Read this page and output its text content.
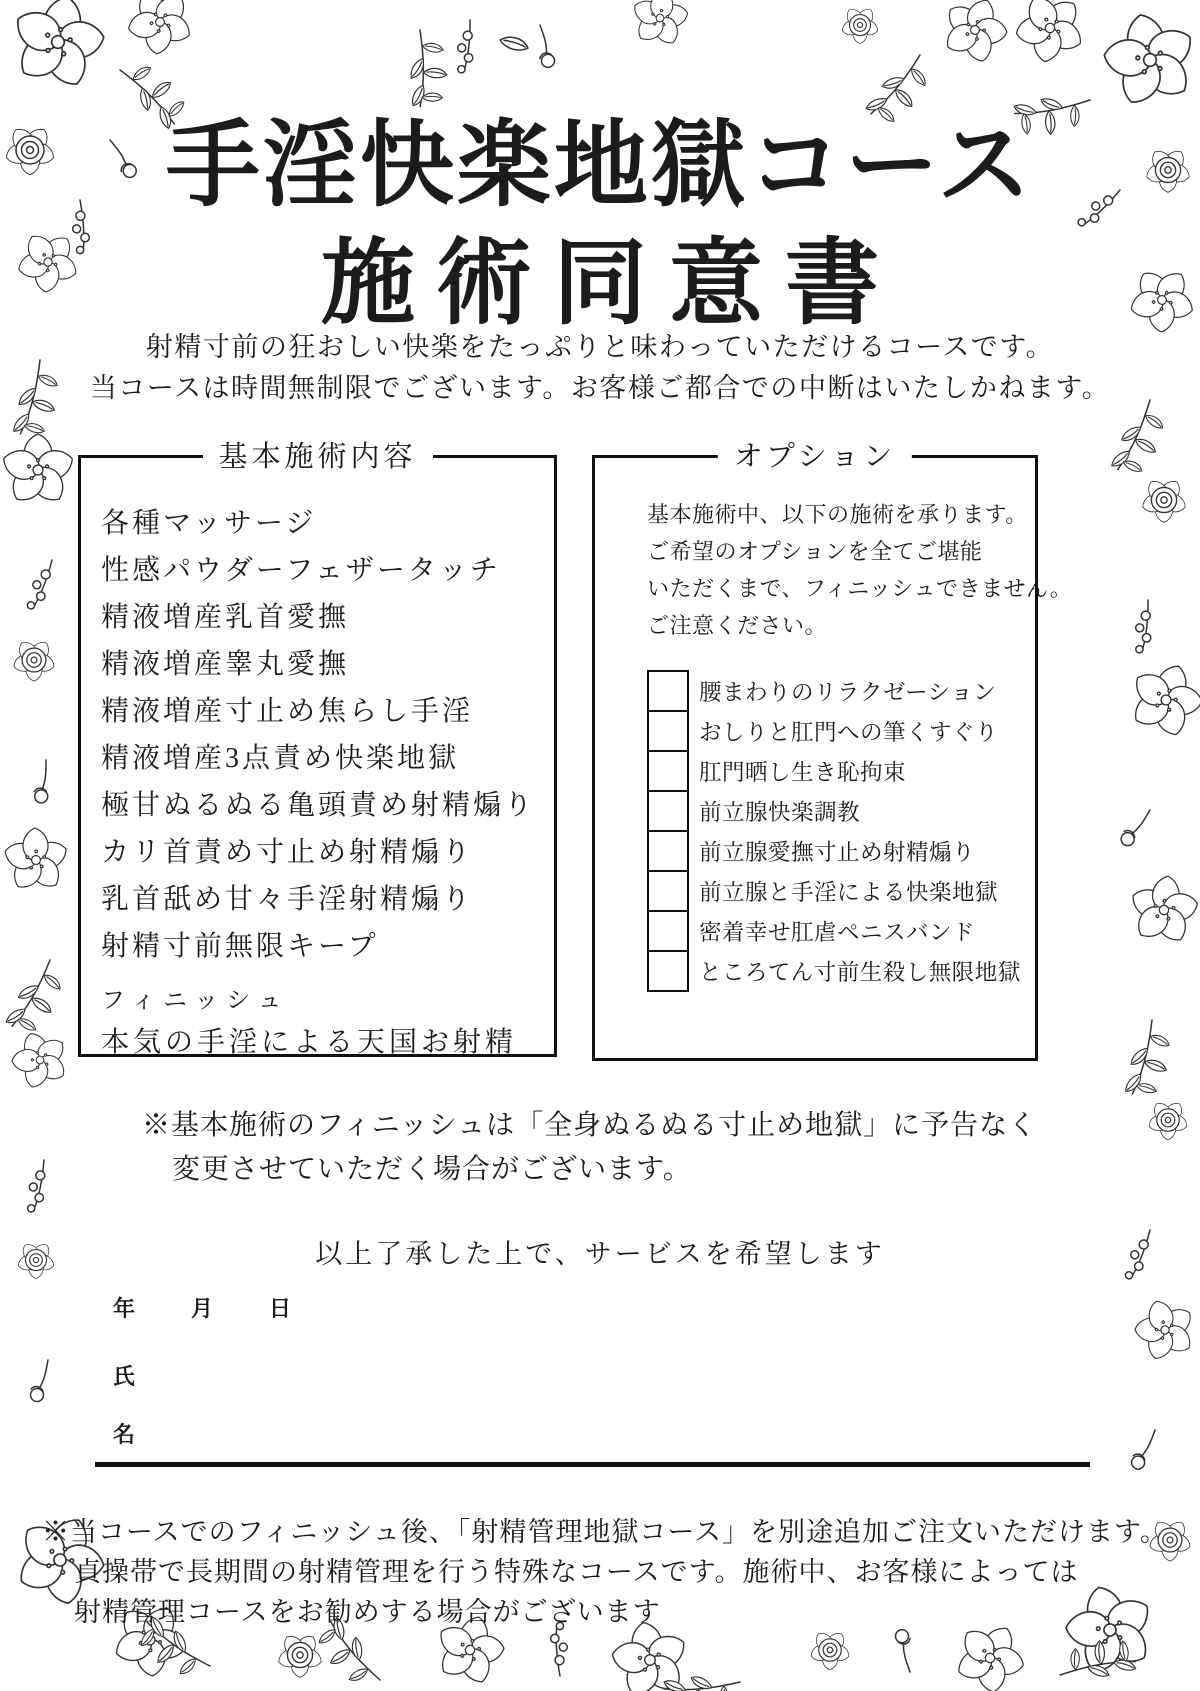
手淫快楽地獄コース
施術同意書

射精寸前の狂おしい快楽をたっぷりと味わっていただけるコースです。
当コースは時間無制限でございます。お客様ご都合での中断はいたしかねます。

基本施術内容
各種マッサージ
性感パウダーフェザータッチ
精液増産乳首愛撫
精液増産睾丸愛撫
精液増産寸止め焦らし手淫
精液増産3点責め快楽地獄
極甘ぬるぬる亀頭責め射精煽り
カリ首責め寸止め射精煽り
乳首舐め甘々手淫射精煽り
射精寸前無限キープ
フィニッシュ
本気の手淫による天国お射精
オプション
基本施術中、以下の施術を承ります。
ご希望のオプションを全てご堪能
いただくまで、フィニッシュできません。
ご注意ください。
腰まわりのリラクゼーション
おしりと肛門への筆くすぐり
肛門晒し生き恥拘束
前立腺快楽調教
前立腺愛撫寸止め射精煽り
前立腺と手淫による快楽地獄
密着幸せ肛虐ペニスバンド
ところてん寸前生殺し無限地獄

※基本施術のフィニッシュは「全身ぬるぬる寸止め地獄」に予告なく
変更させていただく場合がございます。

以上了承した上で、サービスを希望します

年	月	日
氏
名

※当コースでのフィニッシュ後、「射精管理地獄コース」を別途追加ご注文いただけます。
貞操帯で長期間の射精管理を行う特殊なコースです。施術中、お客様によっては
射精管理コースをお勧めする場合がございます
